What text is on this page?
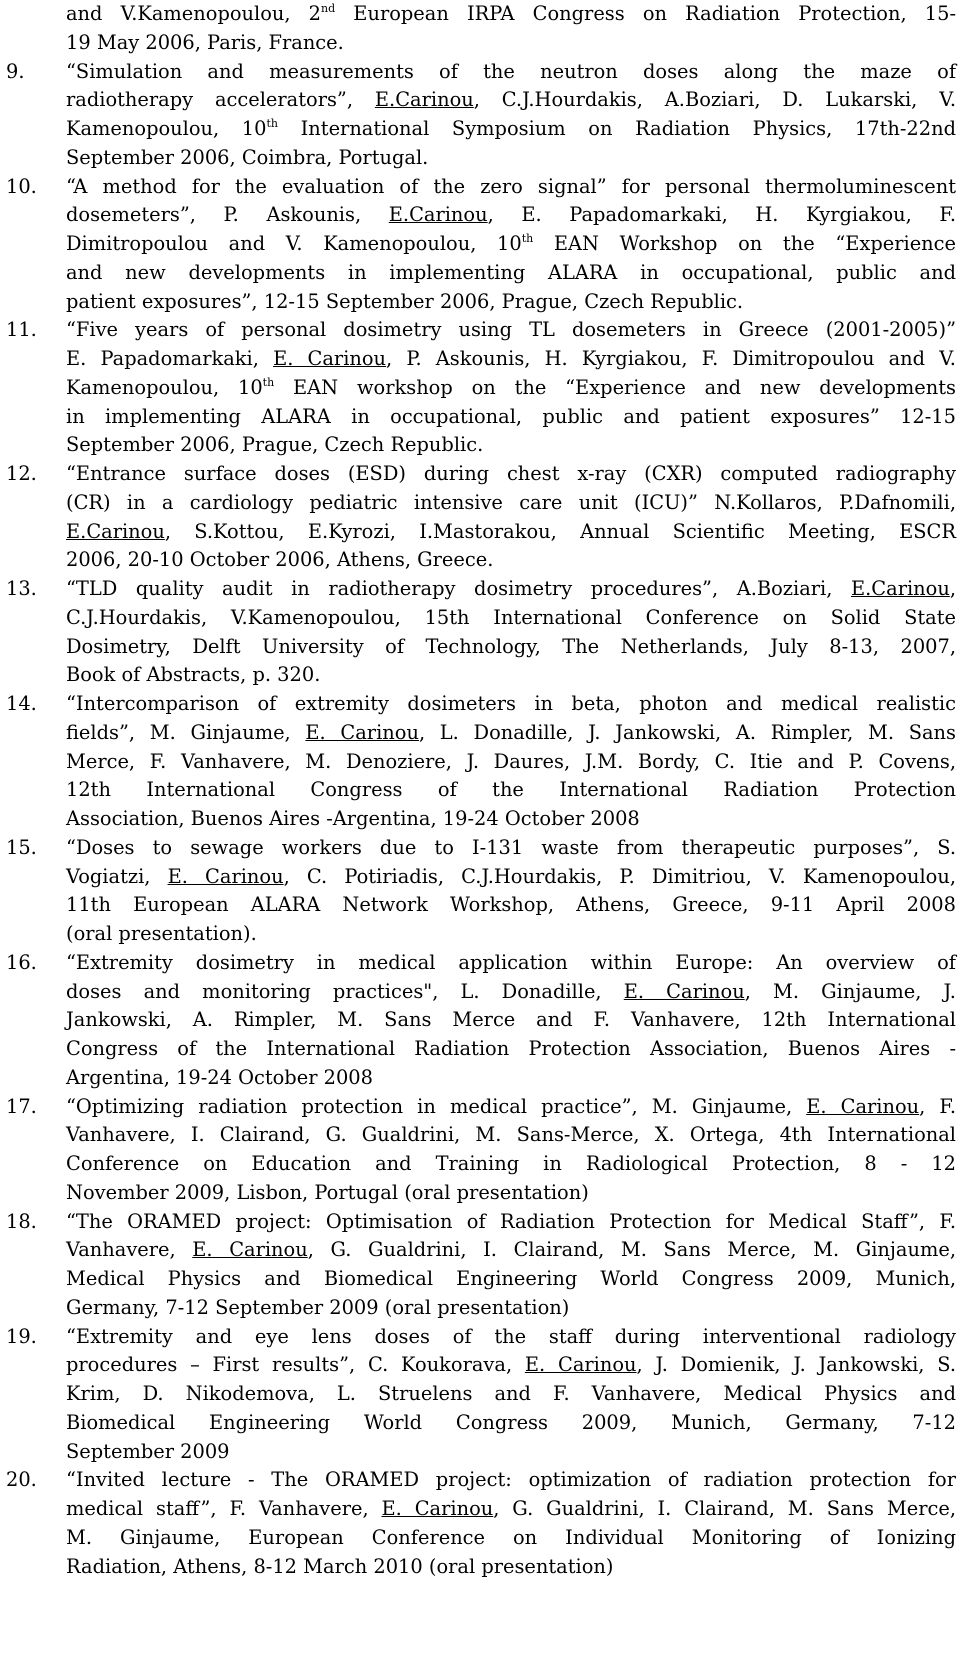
and V.Kamenopoulou, 2nd European IRPA Congress on Radiation Protection, 15-
19 May 2006, Paris, France.
9. “Simulation and measurements of the neutron doses along the maze of
radiotherapy accelerators”, E.Carinou, C.J.Hourdakis, A.Boziari, D. Lukarski, V.
Kamenopoulou, 10th International Symposium on Radiation Physics, 17th-22nd
September 2006, Coimbra, Portugal.
10. “A method for the evaluation of the zero signal” for personal thermoluminescent
dosemeters”, P. Askounis, E.Carinou, E. Papadomarkaki, H. Kyrgiakou, F.
Dimitropoulou and V. Kamenopoulou, 10th EAN Workshop on the “Experience
and new developments in implementing ALARA in occupational, public and
patient exposures”, 12-15 September 2006, Prague, Czech Republic.
11. “Five years of personal dosimetry using TL dosemeters in Greece (2001-2005)”
E. Papadomarkaki, E. Carinou, P. Askounis, H. Kyrgiakou, F. Dimitropoulou and V.
Kamenopoulou, 10th EAN workshop on the “Experience and new developments
in implementing ALARA in occupational, public and patient exposures” 12-15
September 2006, Prague, Czech Republic.
12. “Entrance surface doses (ESD) during chest x-ray (CXR) computed radiography
(CR) in a cardiology pediatric intensive care unit (ICU)” N.Kollaros, P.Dafnomili,
E.Carinou, S.Kottou, E.Kyrozi, I.Mastorakou, Annual Scientific Meeting, ESCR
2006, 20-10 October 2006, Athens, Greece.
13. “TLD quality audit in radiotherapy dosimetry procedures”, A.Boziari, E.Carinou,
C.J.Hourdakis, V.Kamenopoulou, 15th International Conference on Solid State
Dosimetry, Delft University of Technology, The Netherlands, July 8-13, 2007,
Book of Abstracts, p. 320.
14. “Intercomparison of extremity dosimeters in beta, photon and medical realistic
fields”, M. Ginjaume, E. Carinou, L. Donadille, J. Jankowski, A. Rimpler, M. Sans
Merce, F. Vanhavere, M. Denoziere, J. Daures, J.M. Bordy, C. Itie and P. Covens,
12th International Congress of the International Radiation Protection
Association, Buenos Aires -Argentina, 19-24 October 2008
15. “Doses to sewage workers due to I-131 waste from therapeutic purposes”, S.
Vogiatzi, E. Carinou, C. Potiriadis, C.J.Hourdakis, P. Dimitriou, V. Kamenopoulou,
11th European ALARA Network Workshop, Athens, Greece, 9-11 April 2008
(oral presentation).
16. “Extremity dosimetry in medical application within Europe: An overview of
doses and monitoring practices", L. Donadille, E. Carinou, M. Ginjaume, J.
Jankowski, A. Rimpler, M. Sans Merce and F. Vanhavere, 12th International
Congress of the International Radiation Protection Association, Buenos Aires -
Argentina, 19-24 October 2008
17. “Optimizing radiation protection in medical practice”, M. Ginjaume, E. Carinou, F.
Vanhavere, I. Clairand, G. Gualdrini, M. Sans-Merce, X. Ortega, 4th International
Conference on Education and Training in Radiological Protection, 8 - 12
November 2009, Lisbon, Portugal (oral presentation)
18. “The ORAMED project: Optimisation of Radiation Protection for Medical Staff”, F.
Vanhavere, E. Carinou, G. Gualdrini, I. Clairand, M. Sans Merce, M. Ginjaume,
Medical Physics and Biomedical Engineering World Congress 2009, Munich,
Germany, 7-12 September 2009 (oral presentation)
19. “Extremity and eye lens doses of the staff during interventional radiology
procedures – First results”, C. Koukorava, E. Carinou, J. Domienik, J. Jankowski, S.
Krim, D. Nikodemova, L. Struelens and F. Vanhavere, Medical Physics and
Biomedical Engineering World Congress 2009, Munich, Germany, 7-12
September 2009
20. “Invited lecture - The ORAMED project: optimization of radiation protection for
medical staff”, F. Vanhavere, E. Carinou, G. Gualdrini, I. Clairand, M. Sans Merce,
M. Ginjaume, European Conference on Individual Monitoring of Ionizing
Radiation, Athens, 8-12 March 2010 (oral presentation)
